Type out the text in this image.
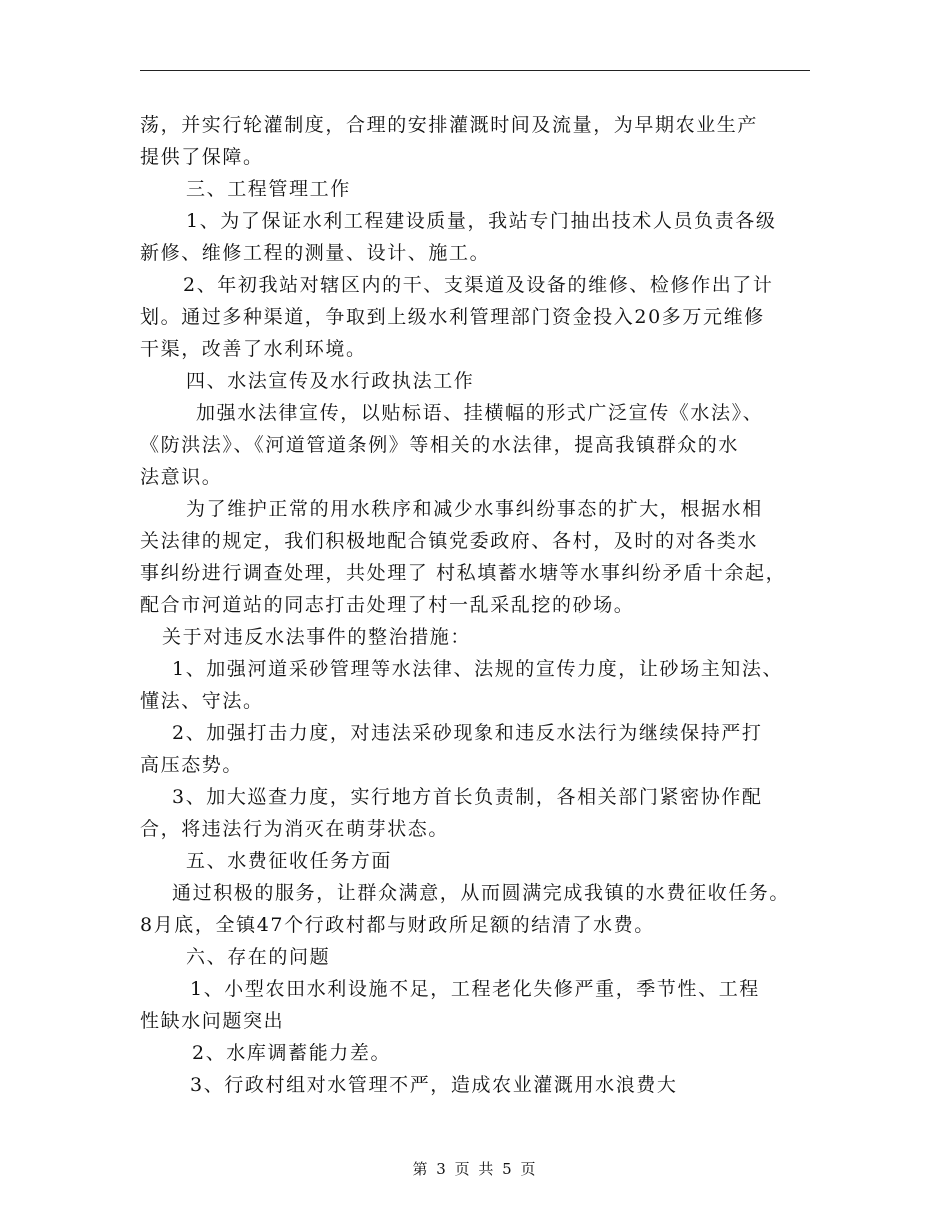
荡，并实行轮灌制度，合理的安排灌溉时间及流量，为早期农业生产
提供了保障。
三、工程管理工作
1、为了保证水利工程建设质量，我站专门抽出技术人员负责各级
新修、维修工程的测量、设计、施工。
2、年初我站对辖区内的干、支渠道及设备的维修、检修作出了计
划。通过多种渠道，争取到上级水利管理部门资金投入20多万元维修
干渠，改善了水利环境。
四、水法宣传及水行政执法工作
加强水法律宣传，以贴标语、挂横幅的形式广泛宣传《水法》、
《防洪法》、《河道管道条例》等相关的水法律，提高我镇群众的水
法意识。
为了维护正常的用水秩序和减少水事纠纷事态的扩大，根据水相
关法律的规定，我们积极地配合镇党委政府、各村，及时的对各类水
事纠纷进行调查处理，共处理了 村私填蓄水塘等水事纠纷矛盾十余起，
配合市河道站的同志打击处理了村一乱采乱挖的砂场。
关于对违反水法事件的整治措施：
1、加强河道采砂管理等水法律、法规的宣传力度，让砂场主知法、
懂法、守法。
2、加强打击力度，对违法采砂现象和违反水法行为继续保持严打
高压态势。
3、加大巡查力度，实行地方首长负责制，各相关部门紧密协作配
合，将违法行为消灭在萌芽状态。
五、水费征收任务方面
通过积极的服务，让群众满意，从而圆满完成我镇的水费征收任务。
8月底，全镇47个行政村都与财政所足额的结清了水费。
六、存在的问题
1、小型农田水利设施不足，工程老化失修严重，季节性、工程
性缺水问题突出
2、水库调蓄能力差。
3、行政村组对水管理不严，造成农业灌溉用水浪费大
第 3 页 共 5 页
